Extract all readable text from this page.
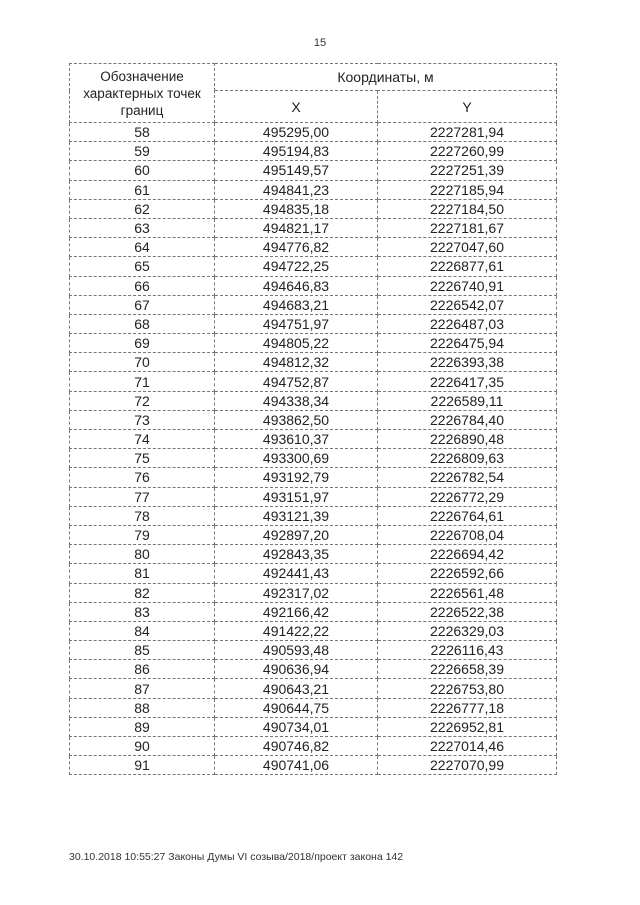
15
Обозначение характерных точек границ	Координаты, м	
	X	Y
58	495295,00	2227281,94
59	495194,83	2227260,99
60	495149,57	2227251,39
61	494841,23	2227185,94
62	494835,18	2227184,50
63	494821,17	2227181,67
64	494776,82	2227047,60
65	494722,25	2226877,61
66	494646,83	2226740,91
67	494683,21	2226542,07
68	494751,97	2226487,03
69	494805,22	2226475,94
70	494812,32	2226393,38
71	494752,87	2226417,35
72	494338,34	2226589,11
73	493862,50	2226784,40
74	493610,37	2226890,48
75	493300,69	2226809,63
76	493192,79	2226782,54
77	493151,97	2226772,29
78	493121,39	2226764,61
79	492897,20	2226708,04
80	492843,35	2226694,42
81	492441,43	2226592,66
82	492317,02	2226561,48
83	492166,42	2226522,38
84	491422,22	2226329,03
85	490593,48	2226116,43
86	490636,94	2226658,39
87	490643,21	2226753,80
88	490644,75	2226777,18
89	490734,01	2226952,81
90	490746,82	2227014,46
91	490741,06	2227070,99
30.10.2018 10:55:27 Законы Думы VI созыва/2018/проект закона 142
